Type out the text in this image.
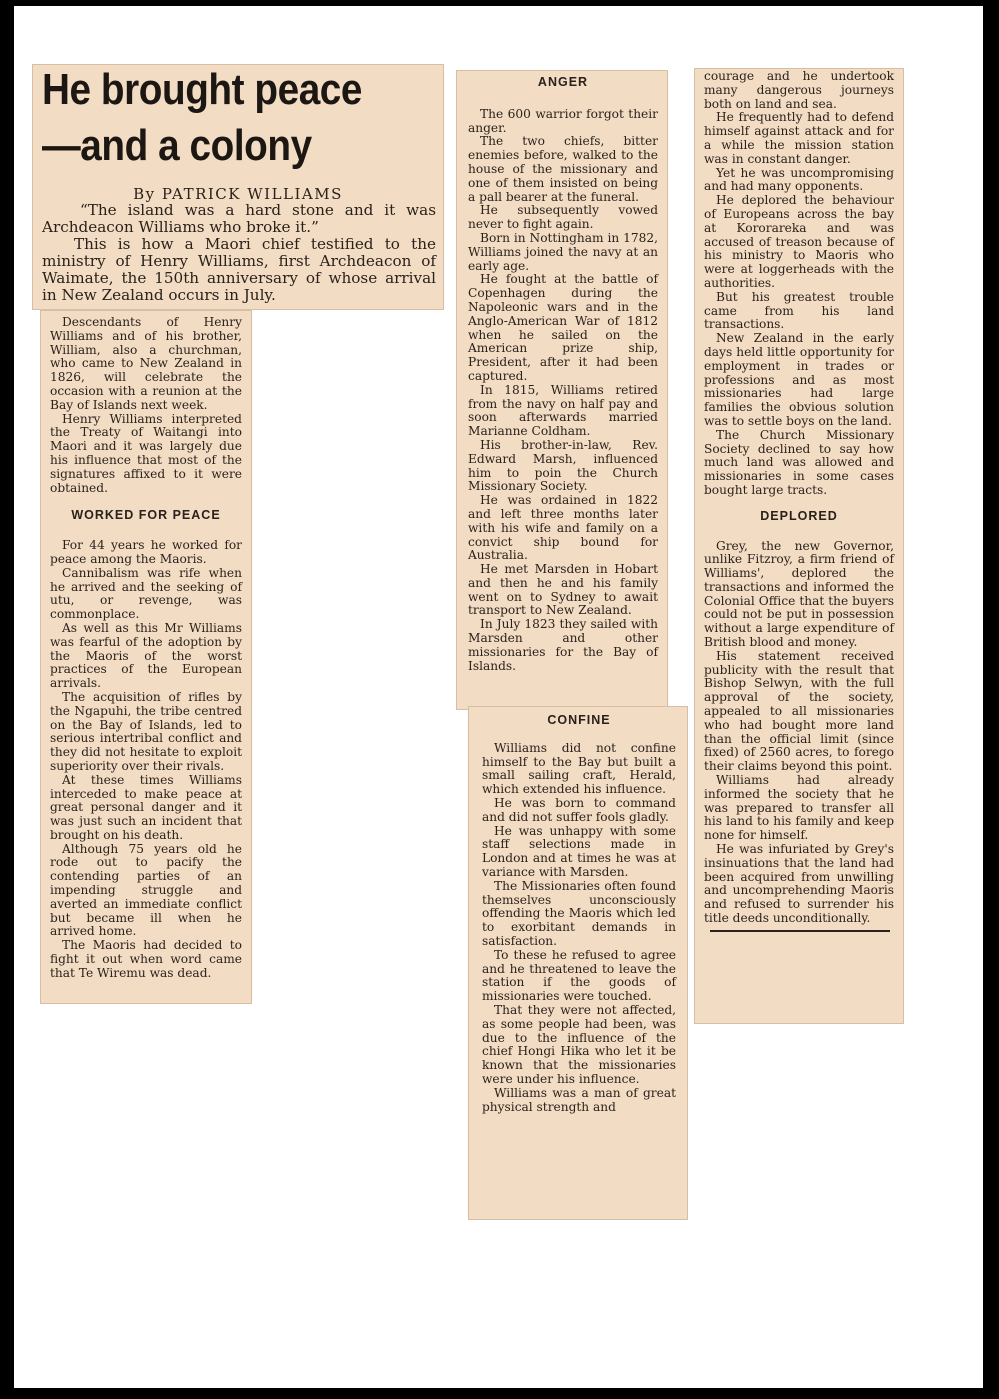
He brought peace
—and a colony
By PATRICK WILLIAMS

“The island was a hard stone and it was Archdeacon Williams who broke it.”

This is how a Maori chief testified to the ministry of Henry Williams, first Archdeacon of Waimate, the 150th anniversary of whose arrival in New Zealand occurs in July.

Descendants of Henry Williams and of his brother, William, also a churchman, who came to New Zealand in 1826, will celebrate the occasion with a reunion at the Bay of Islands next week.

Henry Williams interpreted the Treaty of Waitangi into Maori and it was largely due his influence that most of the signatures affixed to it were obtained.

WORKED FOR PEACE

For 44 years he worked for peace among the Maoris.

Cannibalism was rife when he arrived and the seeking of utu, or revenge, was commonplace.

As well as this Mr Williams was fearful of the adoption by the Maoris of the worst practices of the European arrivals.

The acquisition of rifles by the Ngapuhi, the tribe centred on the Bay of Islands, led to serious intertribal conflict and they did not hesitate to exploit superiority over their rivals.

At these times Williams interceded to make peace at great personal danger and it was just such an incident that brought on his death.

Although 75 years old he rode out to pacify the contending parties of an impending struggle and averted an immediate conflict but became ill when he arrived home.

The Maoris had decided to fight it out when word came that Te Wiremu was dead.

ANGER

The 600 warrior forgot their anger.

The two chiefs, bitter enemies before, walked to the house of the missionary and one of them insisted on being a pall bearer at the funeral.

He subsequently vowed never to fight again.

Born in Nottingham in 1782, Williams joined the navy at an early age.

He fought at the battle of Copenhagen during the Napoleonic wars and in the Anglo-American War of 1812 when he sailed on the American prize ship, President, after it had been captured.

In 1815, Williams retired from the navy on half pay and soon afterwards married Marianne Coldham.

His brother-in-law, Rev. Edward Marsh, influenced him to poin the Church Missionary Society.

He was ordained in 1822 and left three months later with his wife and family on a convict ship bound for Australia.

He met Marsden in Hobart and then he and his family went on to Sydney to await transport to New Zealand.

In July 1823 they sailed with Marsden and other missionaries for the Bay of Islands.

CONFINE

Williams did not confine himself to the Bay but built a small sailing craft, Herald, which extended his influence.

He was born to command and did not suffer fools gladly.

He was unhappy with some staff selections made in London and at times he was at variance with Marsden.

The Missionaries often found themselves unconsciously offending the Maoris which led to exorbitant demands in satisfaction.

To these he refused to agree and he threatened to leave the station if the goods of missionaries were touched.

That they were not affected, as some people had been, was due to the influence of the chief Hongi Hika who let it be known that the missionaries were under his influence.

Williams was a man of great physical strength and

courage and he undertook many dangerous journeys both on land and sea.

He frequently had to defend himself against attack and for a while the mission station was in constant danger.

Yet he was uncompromising and had many opponents.

He deplored the behaviour of Europeans across the bay at Kororareka and was accused of treason because of his ministry to Maoris who were at loggerheads with the authorities.

But his greatest trouble came from his land transactions.

New Zealand in the early days held little opportunity for employment in trades or professions and as most missionaries had large families the obvious solution was to settle boys on the land.

The Church Missionary Society declined to say how much land was allowed and missionaries in some cases bought large tracts.

DEPLORED

Grey, the new Governor, unlike Fitzroy, a firm friend of Williams', deplored the transactions and informed the Colonial Office that the buyers could not be put in possession without a large expenditure of British blood and money.

His statement received publicity with the result that Bishop Selwyn, with the full approval of the society, appealed to all missionaries who had bought more land than the official limit (since fixed) of 2560 acres, to forego their claims beyond this point.

Williams had already informed the society that he was prepared to transfer all his land to his family and keep none for himself.

He was infuriated by Grey's insinuations that the land had been acquired from unwilling and uncomprehending Maoris and refused to surrender his title deeds unconditionally.
